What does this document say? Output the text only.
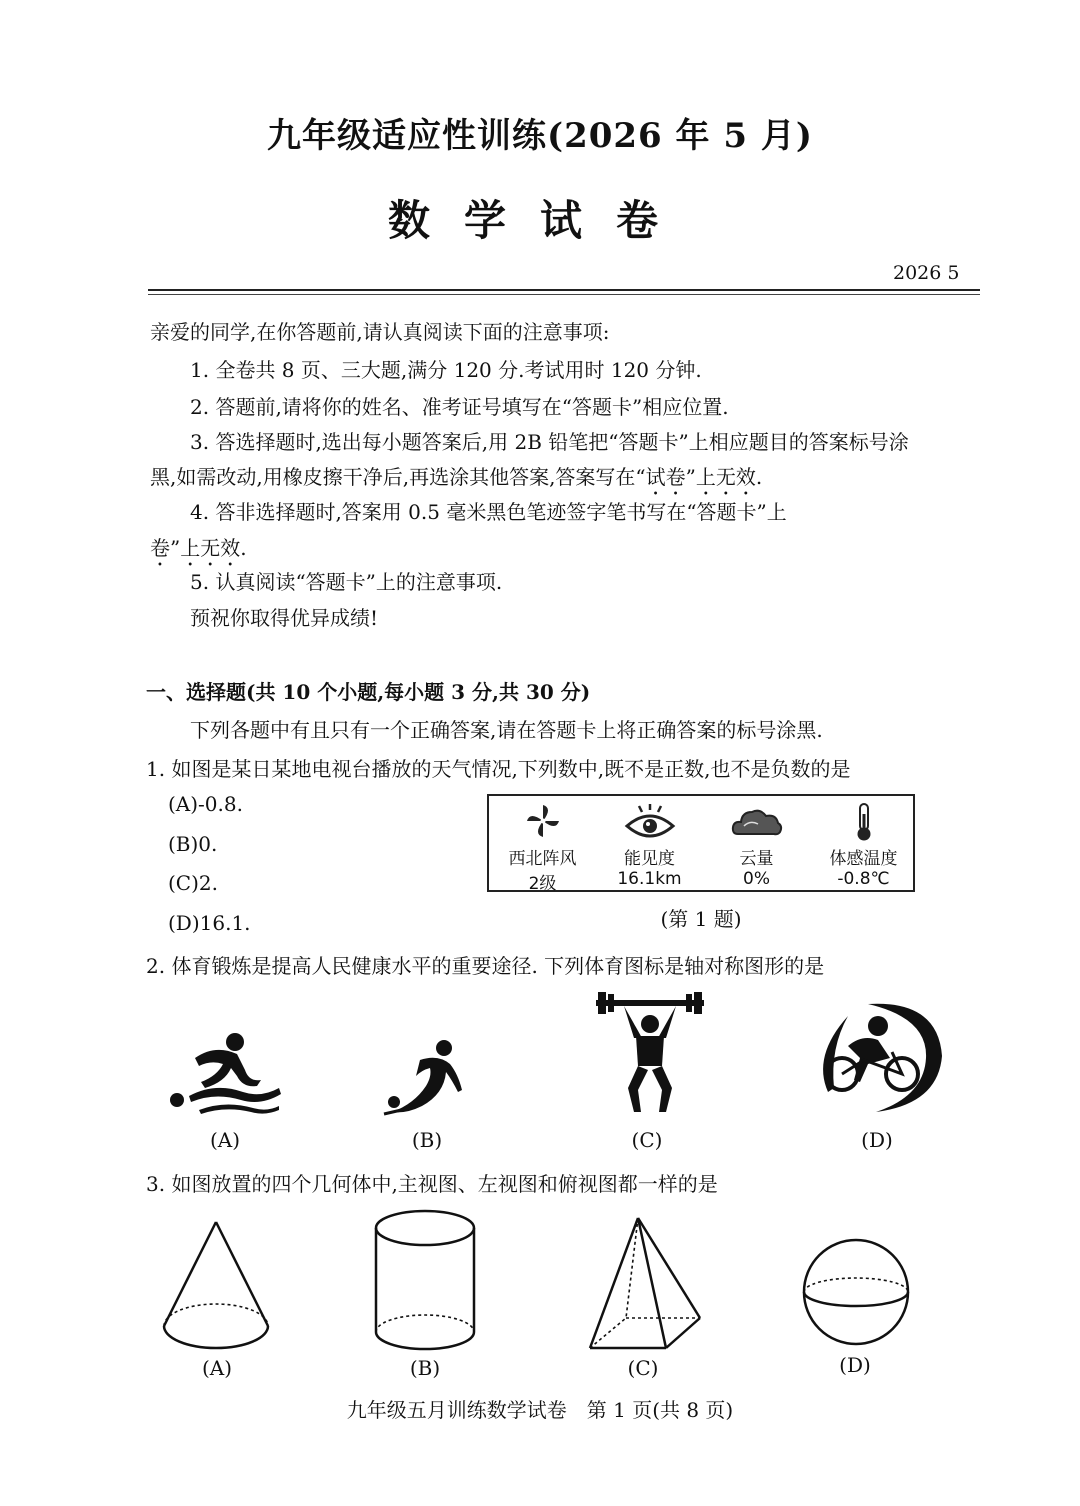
九年级适应性训练(2026 年 5 月)
数学试卷
2026 5
亲爱的同学,在你答题前,请认真阅读下面的注意事项:
1. 全卷共 8 页、三大题,满分 120 分.考试用时 120 分钟.
2. 答题前,请将你的姓名、准考证号填写在“答题卡”相应位置.
3. 答选择题时,选出每小题答案后,用 2B 铅笔把“答题卡”上相应题目的答案标号涂
黑,如需改动,用橡皮擦干净后,再选涂其他答案,答案写在“试卷”上无效.
4. 答非选择题时,答案用 0.5 毫米黑色笔迹签字笔书写在“答题卡”上
卷”上无效.
5. 认真阅读“答题卡”上的注意事项.
预祝你取得优异成绩!
一、选择题(共 10 个小题,每小题 3 分,共 30 分)
下列各题中有且只有一个正确答案,请在答题卡上将正确答案的标号涂黑.
1. 如图是某日某地电视台播放的天气情况,下列数中,既不是正数,也不是负数的是
(A)-0.8.
(B)0.
(C)2.
(D)16.1.
西北阵风
2级
能见度
16.1km
云量
0%
体感温度
-0.8℃
(第 1 题)
2. 体育锻炼是提高人民健康水平的重要途径. 下列体育图标是轴对称图形的是
(A)	(B)	(C)	(D)
3. 如图放置的四个几何体中,主视图、左视图和俯视图都一样的是
(A)	(B)	(C)	(D)
九年级五月训练数学试卷　第 1 页(共 8 页)
